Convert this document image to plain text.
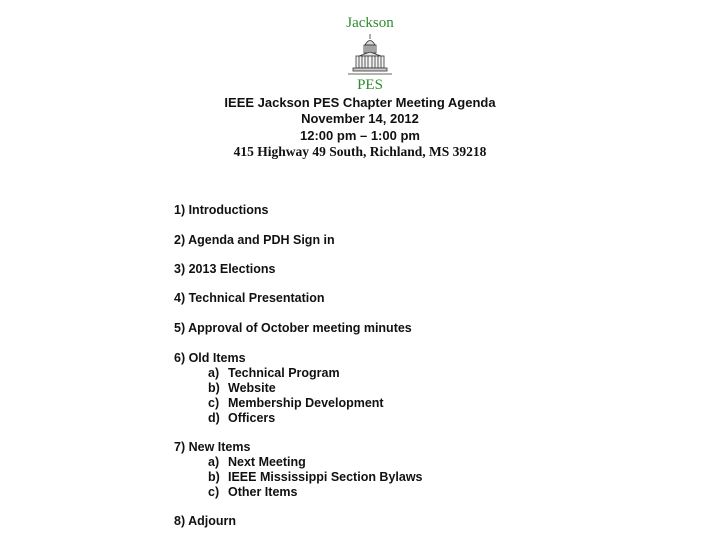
Jackson
PES
IEEE Jackson PES Chapter Meeting Agenda
November 14, 2012
12:00 pm – 1:00 pm
415 Highway 49 South, Richland, MS 39218
1) Introductions
2) Agenda and PDH Sign in
3) 2013 Elections
4) Technical Presentation
5) Approval of October meeting minutes
6) Old Items
a) Technical Program
b) Website
c) Membership Development
d) Officers
7) New Items
a) Next Meeting
b) IEEE Mississippi Section Bylaws
c) Other Items
8) Adjourn
